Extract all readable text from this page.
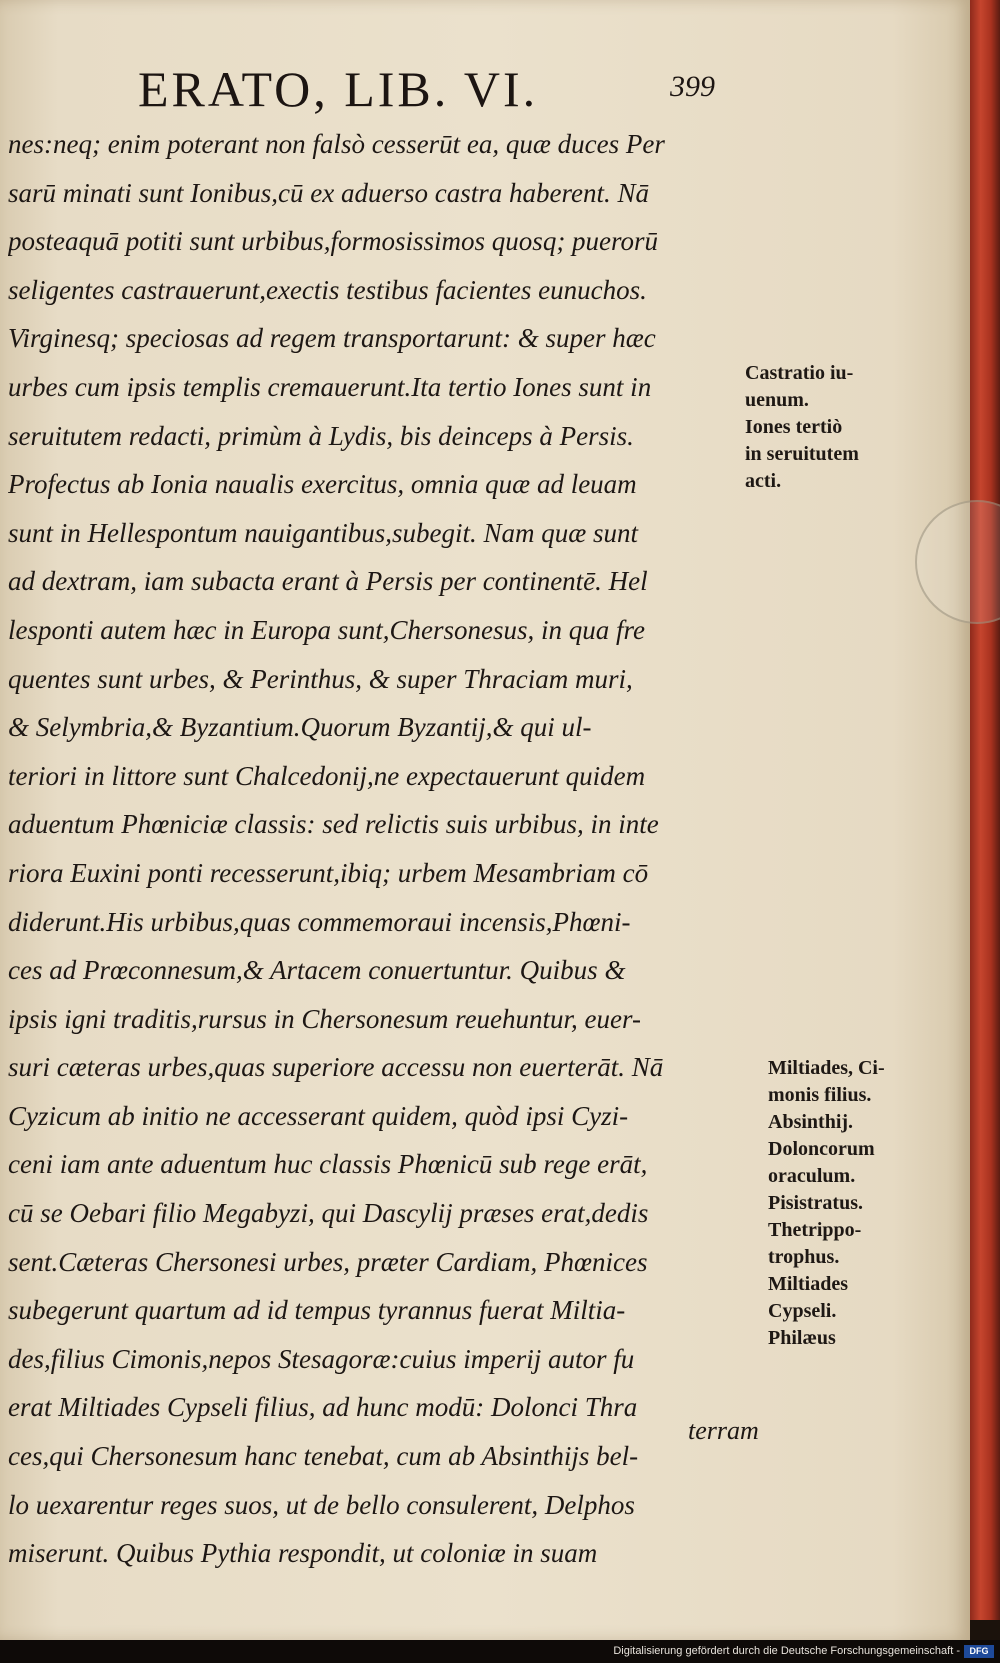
ERATO, LIB. VI.	399
nes:neq; enim poterant non falsò cesserūt ea, quæ duces Per
sarū minati sunt Ionibus,cū ex aduerso castra haberent. Nā
posteaquā potiti sunt urbibus,formosissimos quosq; puerorū
seligentes castrauerunt,exectis testibus facientes eunuchos.
Virginesq; speciosas ad regem transportarunt: & super hæc
urbes cum ipsis templis cremauerunt.Ita tertio Iones sunt in
seruitutem redacti, primùm à Lydis, bis deinceps à Persis.
Profectus ab Ionia naualis exercitus, omnia quæ ad leuam
sunt in Hellespontum nauigantibus,subegit. Nam quæ sunt
ad dextram, iam subacta erant à Persis per continentē. Hel
lesponti autem hæc in Europa sunt,Chersonesus, in qua fre
quentes sunt urbes, & Perinthus, & super Thraciam muri,
& Selymbria,& Byzantium.Quorum Byzantij,& qui ul-
teriori in littore sunt Chalcedonij,ne expectauerunt quidem
aduentum Phœniciæ classis: sed relictis suis urbibus, in inte
riora Euxini ponti recesserunt,ibiq; urbem Mesambriam cō
diderunt.His urbibus,quas commemoraui incensis,Phœni-
ces ad Prœconnesum,& Artacem conuertuntur. Quibus &
ipsis igni traditis,rursus in Chersonesum reuehuntur, euer-
suri cæteras urbes,quas superiore accessu non euerterāt. Nā
Cyzicum ab initio ne accesserant quidem, quòd ipsi Cyzi-
ceni iam ante aduentum huc classis Phœnicū sub rege erāt,
cū se Oebari filio Megabyzi, qui Dascylij præses erat,dedis
sent.Cæteras Chersonesi urbes, præter Cardiam, Phœnices
subegerunt quartum ad id tempus tyrannus fuerat Miltia-
des,filius Cimonis,nepos Stesagoræ:cuius imperij autor fu
erat Miltiades Cypseli filius, ad hunc modū: Dolonci Thra
ces,qui Chersonesum hanc tenebat, cum ab Absinthijs bel-
lo uexarentur reges suos, ut de bello consulerent, Delphos
miserunt. Quibus Pythia respondit, ut coloniæ in suam
terram
Castratio iu-
uenum.
Iones tertiò
in seruitutem
acti.
Miltiades, Ci-
monis filius.
Absinthij.
Doloncorum
oraculum.
Pisistratus.
Thetrippo-
trophus.
Miltiades
Cypseli.
Philæus
Digitalisierung gefördert durch die Deutsche Forschungsgemeinschaft -	DFG
